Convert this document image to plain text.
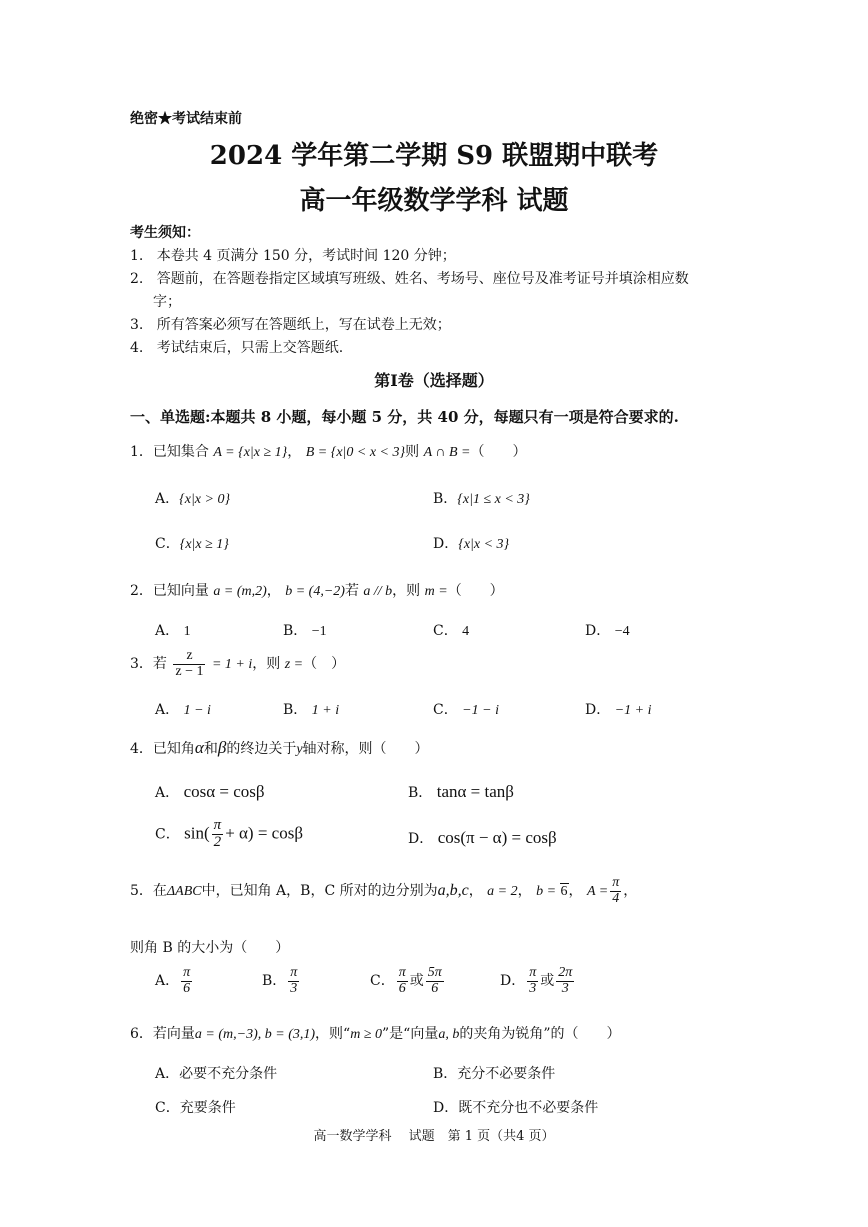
绝密★考试结束前
2024 学年第二学期 S9 联盟期中联考
高一年级数学学科 试题
考生须知：
1. 本卷共 4 页满分 150 分，考试时间 120 分钟；
2. 答题前，在答题卷指定区域填写班级、姓名、考场号、座位号及准考证号并填涂相应数
字；
3. 所有答案必须写在答题纸上，写在试卷上无效；
4. 考试结束后，只需上交答题纸.
第Ⅰ卷（选择题）
一、单选题:本题共 8 小题，每小题 5 分，共 40 分，每题只有一项是符合要求的.
1．已知集合 A = {x|x ≥ 1}， B = {x|0 < x < 3}则 A ∩ B =（　　）
A．{x|x > 0}	B．{x|1 ≤ x < 3}
C．{x|x ≥ 1}	D．{x|x < 3}
2．已知向量 a = (m,2)， b = (4,−2)若 a // b，则 m =（　　）
A． 1	B． −1	C． 4	D． −4
3．若 $\frac{z}{z - 1} = 1 + i$，则 z =（　）
A． 1 − i	B． 1 + i	C． −1 − i	D． −1 + i
4．已知角α和β的终边关于y轴对称，则（　　）
A． cosα = cosβ	B． tanα = tanβ
C． $\sin( \frac{\pi}{2} + \alpha) = \cos\beta$	D． cos(π − α) = cosβ
5．在ΔABC中，已知角 A，B，C 所对的边分别为a,b,c， a = 2， b = 6， $A = \frac{\pi}{4}$ ，
则角 B 的大小为（　　）
A． $\frac{\pi}{6}$	B． $\frac{\pi}{3}$	C． $\frac{\pi}{6}$ 或 $\frac{5\pi}{6}$	D． $\frac{\pi}{3}$ 或 $\frac{2\pi}{3}$
6．若向量a = (m,−3), b = (3,1)，则“m ≥ 0”是“向量a, b的夹角为锐角”的（　　）
A．必要不充分条件	B．充分不必要条件
C．充要条件	D．既不充分也不必要条件
高一数学学科　 试题　第 1 页（共4 页）
